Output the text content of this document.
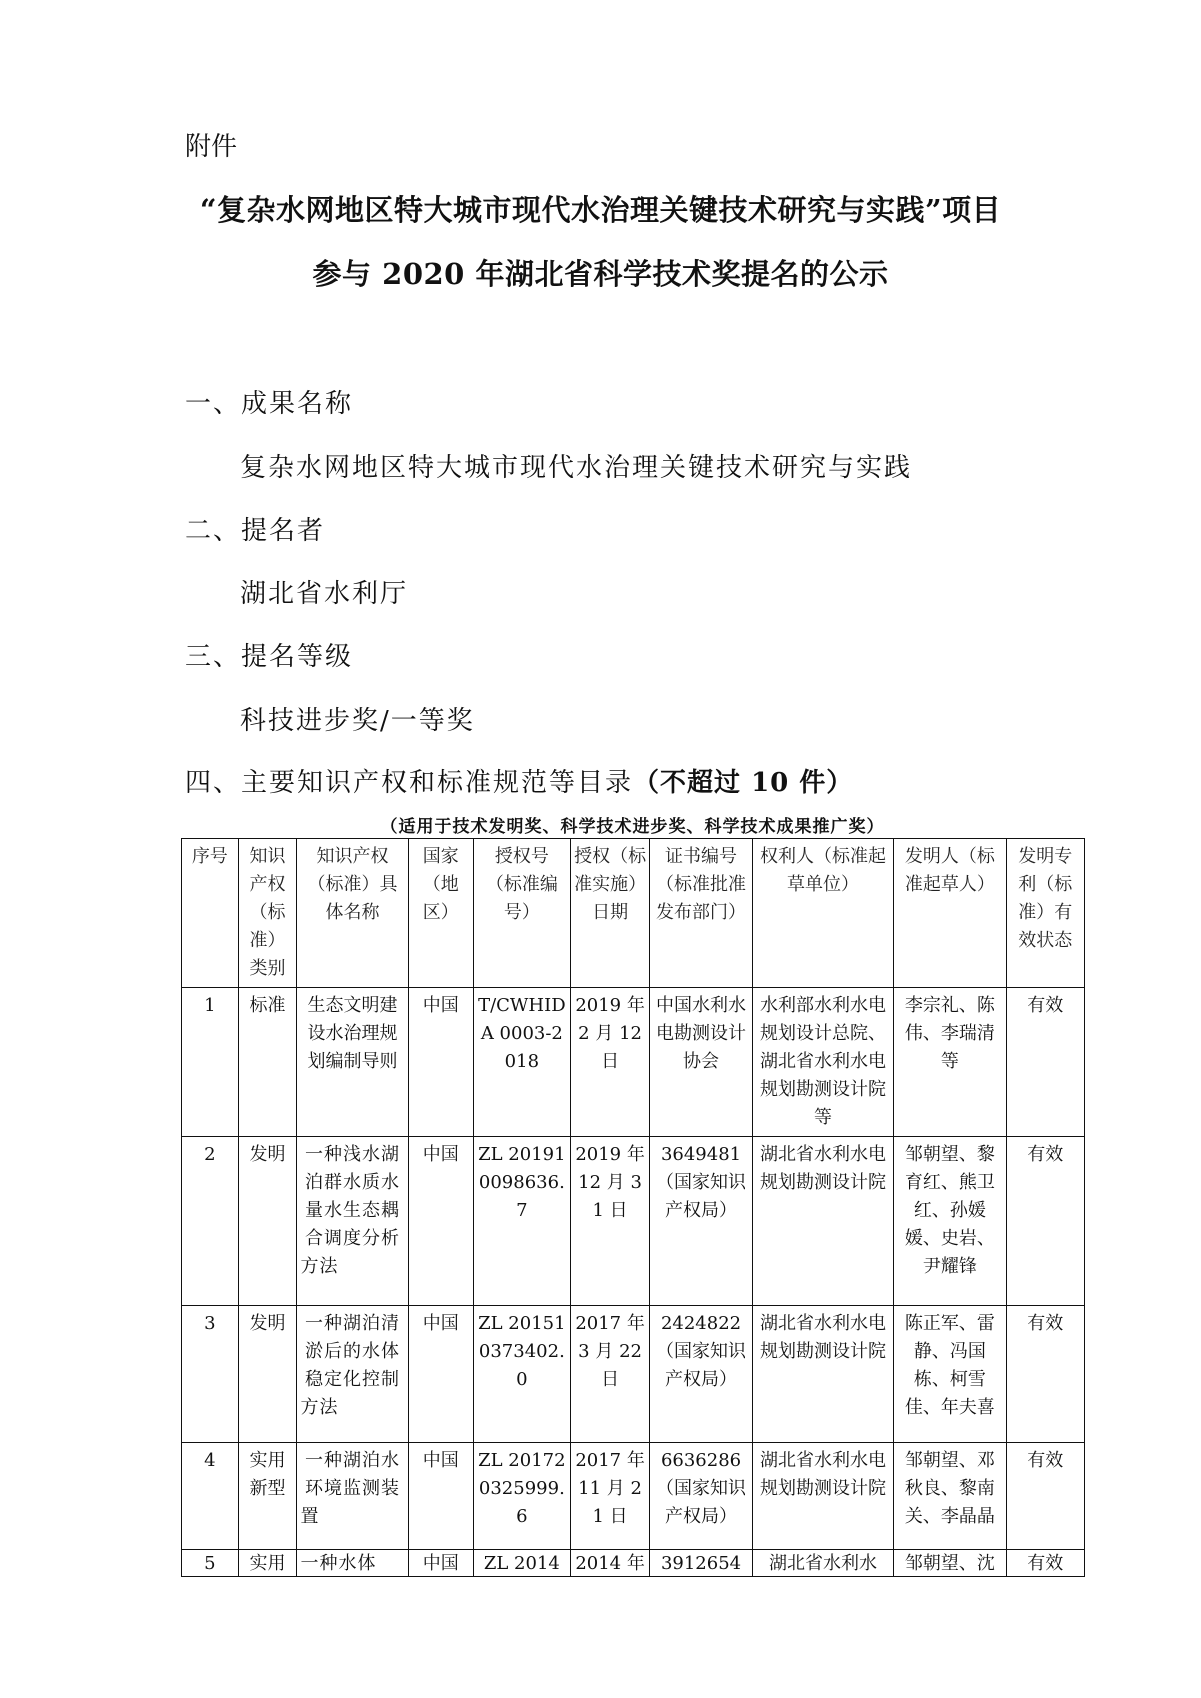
附件
“复杂水网地区特大城市现代水治理关键技术研究与实践”项目
参与 2020 年湖北省科学技术奖提名的公示
一、成果名称
复杂水网地区特大城市现代水治理关键技术研究与实践
二、提名者
湖北省水利厅
三、提名等级
科技进步奖/一等奖
四、主要知识产权和标准规范等目录（不超过 10 件）
（适用于技术发明奖、科学技术进步奖、科学技术成果推广奖）
序号	知识产权（标准）类别	知识产权（标准）具体名称	国家（地区）	授权号（标准编号）	授权（标准实施）日期	证书编号（标准批准发布部门）	权利人（标准起草单位）	发明人（标准起草人）	发明专利（标准）有效状态
1	标准	生态文明建设水治理规划编制导则	中国	T/CWHIDA 0003-2018	2019 年 2 月 12 日	中国水利水电勘测设计协会	水利部水利水电规划设计总院、湖北省水利水电规划勘测设计院等	李宗礼、陈伟、李瑞清等	有效
2	发明	一种浅水湖泊群水质水量水生态耦合调度分析方法	中国	ZL 201910098636.7	2019 年 12 月 31 日	3649481（国家知识产权局）	湖北省水利水电规划勘测设计院	邹朝望、黎育红、熊卫红、孙媛媛、史岩、尹耀锋	有效
3	发明	一种湖泊清淤后的水体稳定化控制方法	中国	ZL 201510373402.0	2017 年 3 月 22 日	2424822（国家知识产权局）	湖北省水利水电规划勘测设计院	陈正军、雷静、冯国栋、柯雪佳、年夫喜	有效
4	实用新型	一种湖泊水环境监测装置	中国	ZL 201720325999.6	2017 年 11 月 21 日	6636286（国家知识产权局）	湖北省水利水电规划勘测设计院	邹朝望、邓秋良、黎南关、李晶晶	有效
5	实用	一种水体	中国	ZL 2014	2014 年	3912654	湖北省水利水	邹朝望、沈	有效
